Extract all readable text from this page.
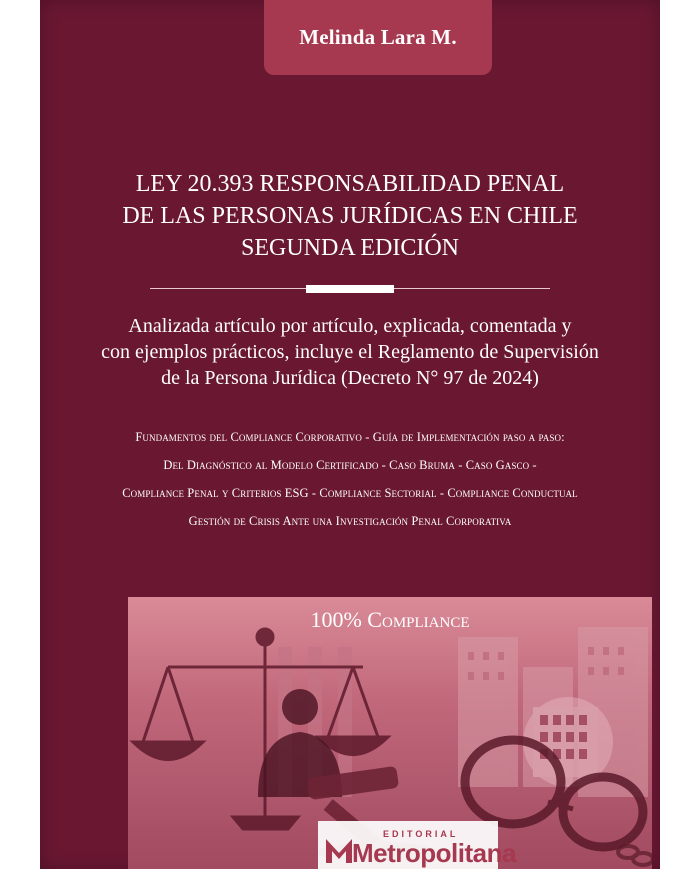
Melinda Lara M.
LEY 20.393 RESPONSABILIDAD PENAL
DE LAS PERSONAS JURÍDICAS EN CHILE
SEGUNDA EDICIÓN
Analizada artículo por artículo, explicada, comentada y
con ejemplos prácticos, incluye el Reglamento de Supervisión
de la Persona Jurídica (Decreto N° 97 de 2024)
Fundamentos del Compliance Corporativo - Guía de Implementación paso a paso:
Del Diagnóstico al Modelo Certificado - Caso Bruma - Caso Gasco -
Compliance Penal y Criterios ESG - Compliance Sectorial - Compliance Conductual
Gestión de Crisis Ante una Investigación Penal Corporativa
100% Compliance
EDITORIAL
Metropolitana
